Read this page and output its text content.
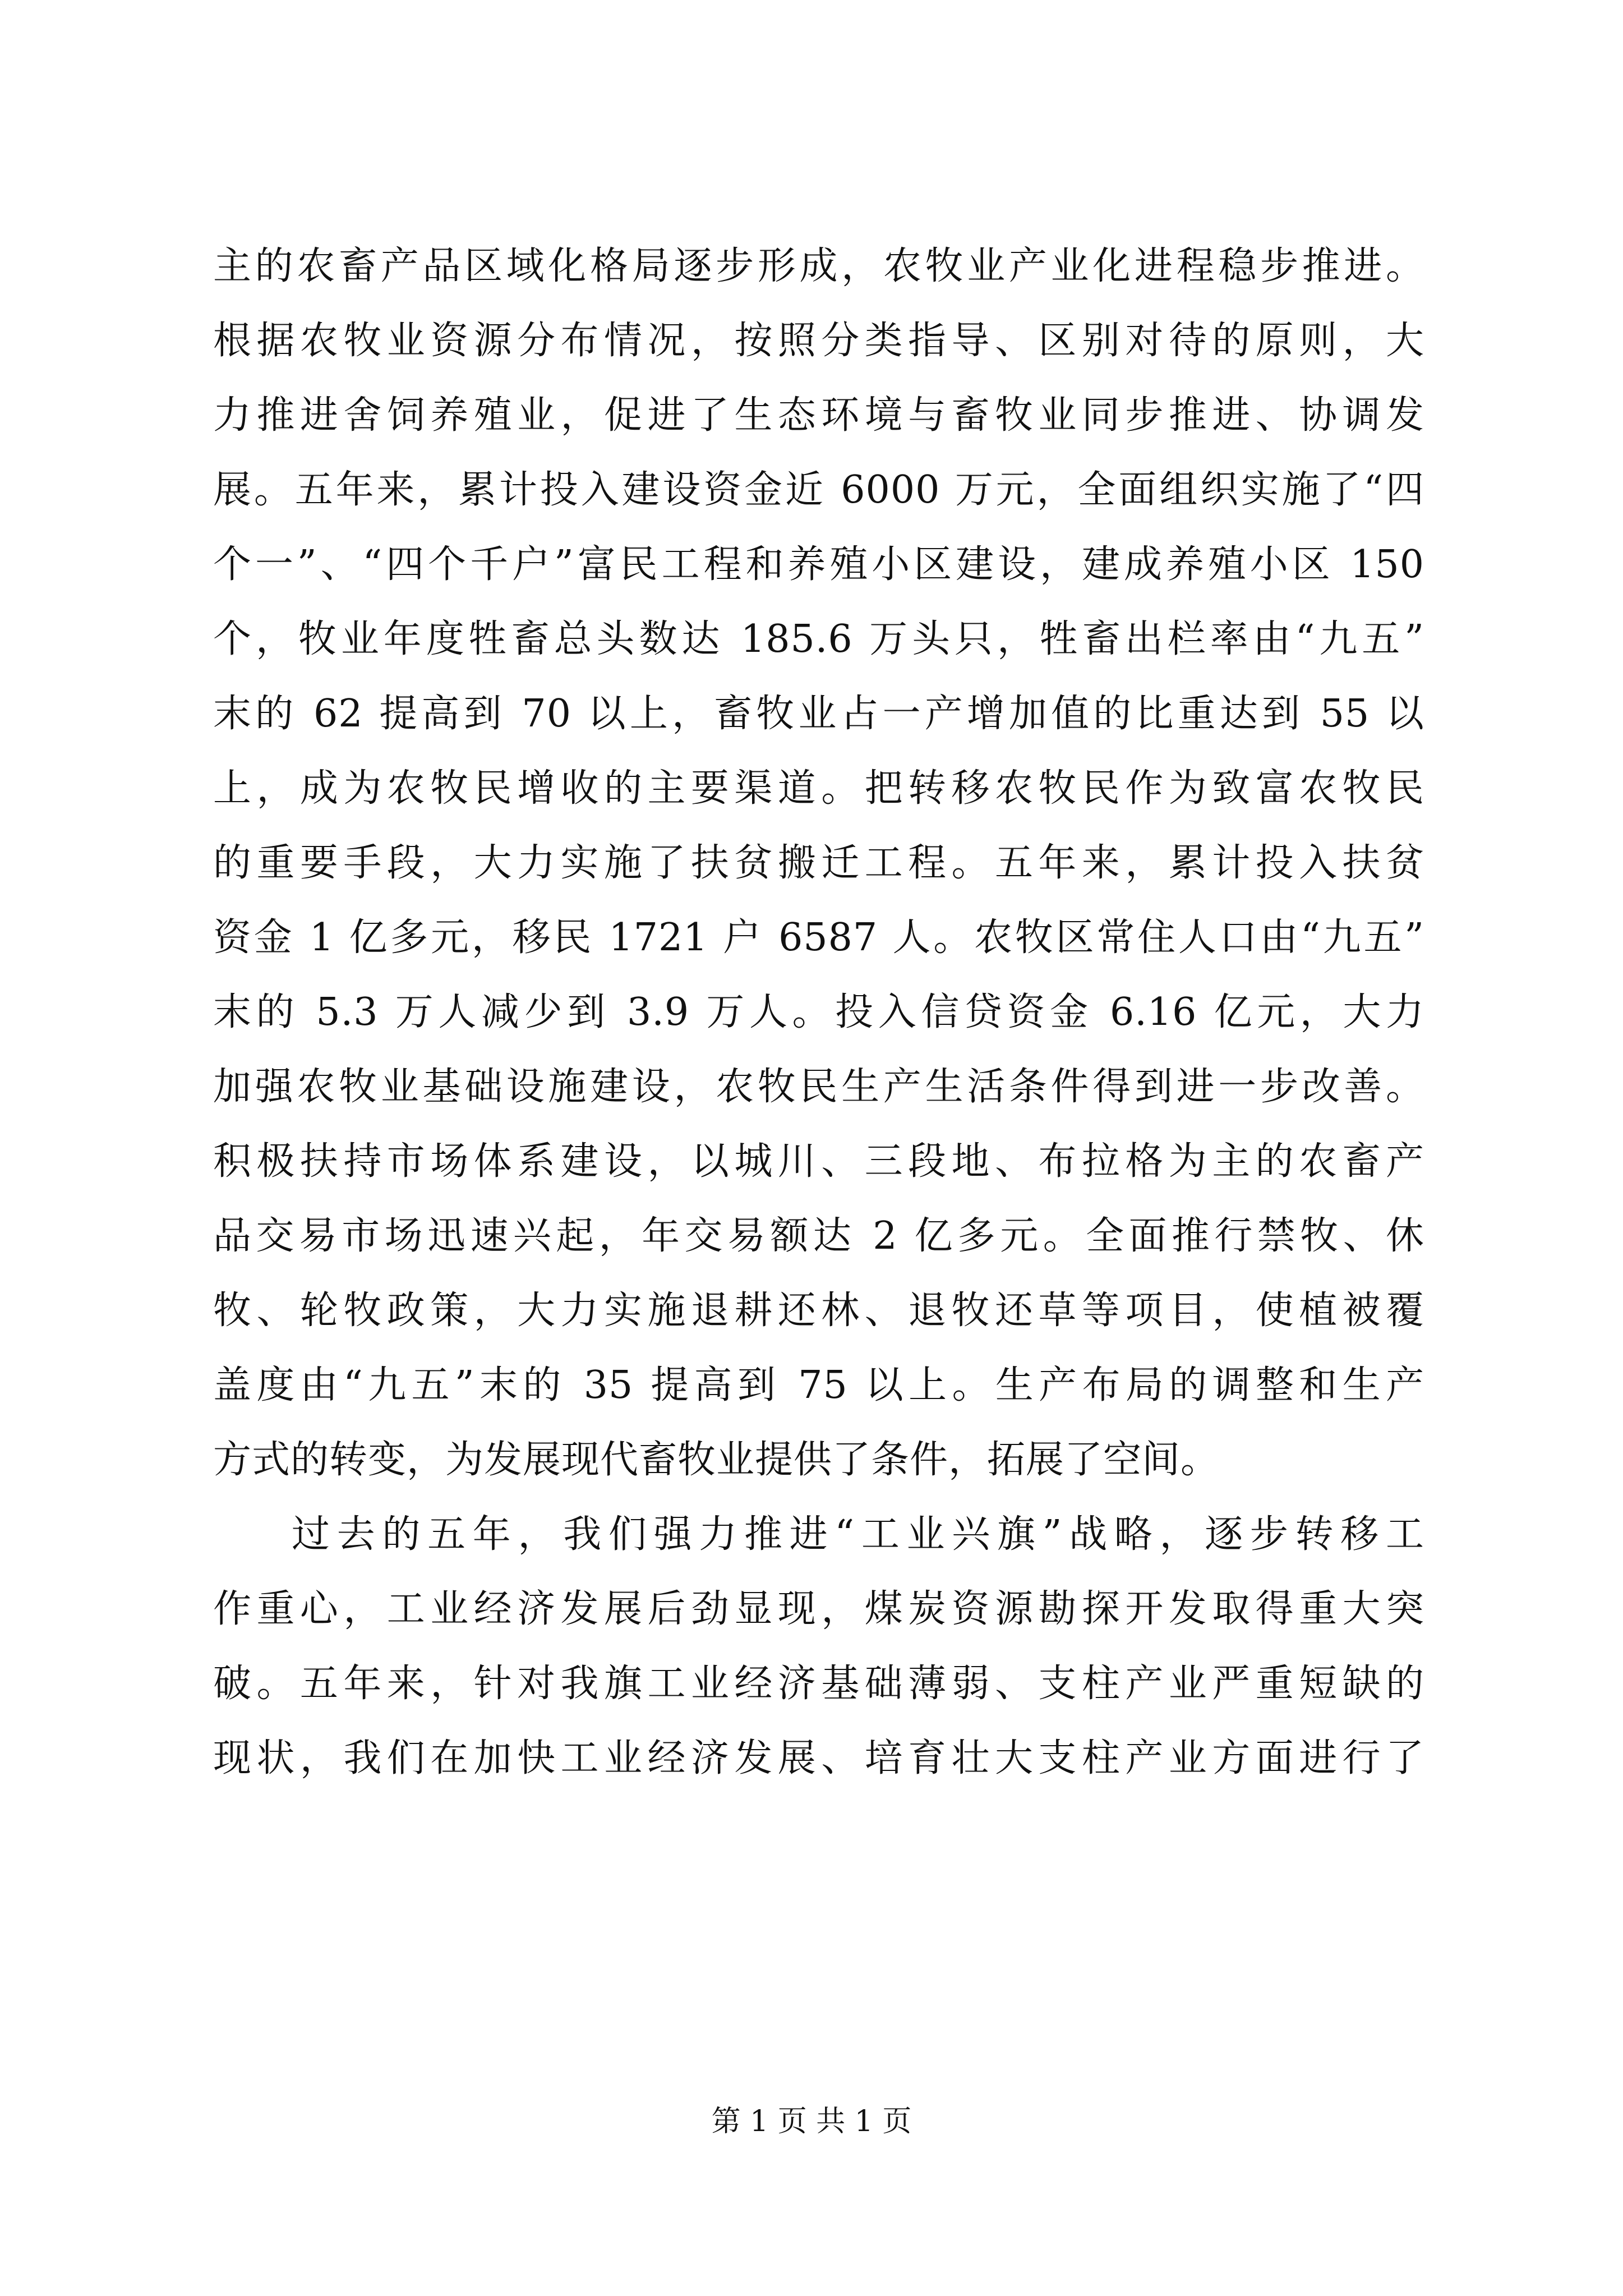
主的农畜产品区域化格局逐步形成，农牧业产业化进程稳步推进。
根据农牧业资源分布情况，按照分类指导、区别对待的原则，大
力推进舍饲养殖业，促进了生态环境与畜牧业同步推进、协调发
展。五年来，累计投入建设资金近 6000 万元，全面组织实施了“四
个一”、“四个千户”富民工程和养殖小区建设，建成养殖小区 150
个，牧业年度牲畜总头数达 185.6 万头只，牲畜出栏率由“九五”
末的 62 提高到 70 以上，畜牧业占一产增加值的比重达到 55 以
上，成为农牧民增收的主要渠道。把转移农牧民作为致富农牧民
的重要手段，大力实施了扶贫搬迁工程。五年来，累计投入扶贫
资金 1 亿多元，移民 1721 户 6587 人。农牧区常住人口由“九五”
末的 5.3 万人减少到 3.9 万人。投入信贷资金 6.16 亿元，大力
加强农牧业基础设施建设，农牧民生产生活条件得到进一步改善。
积极扶持市场体系建设，以城川、三段地、布拉格为主的农畜产
品交易市场迅速兴起，年交易额达 2 亿多元。全面推行禁牧、休
牧、轮牧政策，大力实施退耕还林、退牧还草等项目，使植被覆
盖度由“九五”末的 35 提高到 75 以上。生产布局的调整和生产
方式的转变，为发展现代畜牧业提供了条件，拓展了空间。
过去的五年，我们强力推进“工业兴旗”战略，逐步转移工
作重心，工业经济发展后劲显现，煤炭资源勘探开发取得重大突
破。五年来，针对我旗工业经济基础薄弱、支柱产业严重短缺的
现状，我们在加快工业经济发展、培育壮大支柱产业方面进行了
第 1 页 共 1 页
